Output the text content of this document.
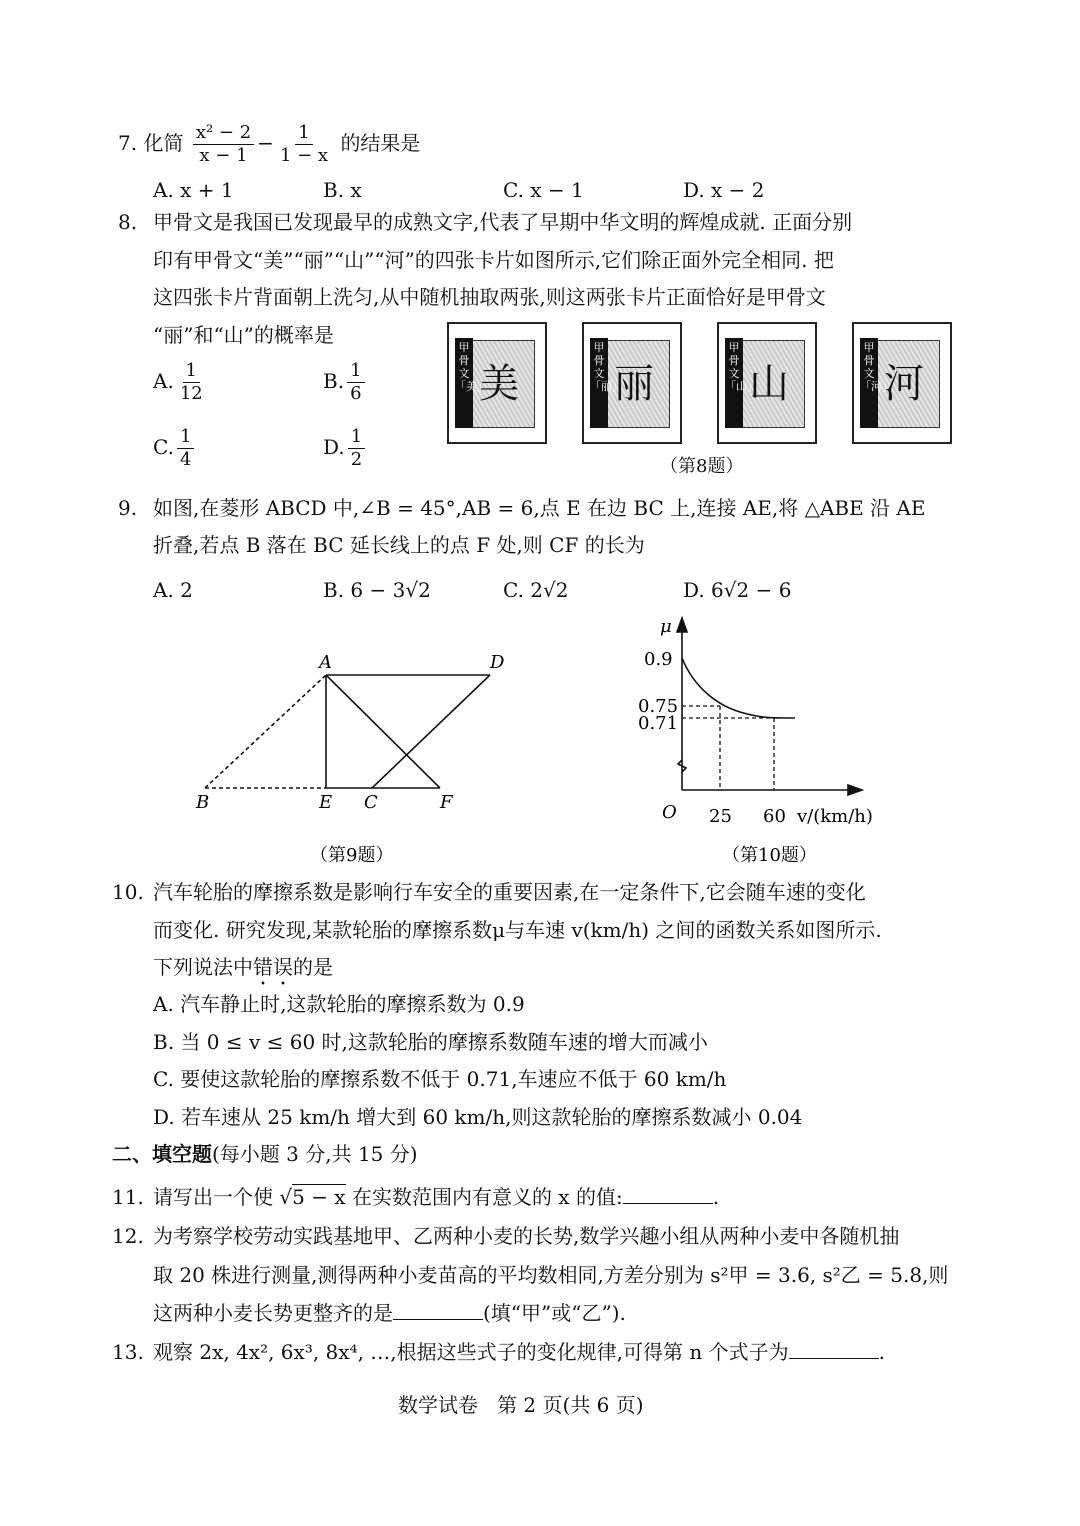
7. 化简 $\frac{\text{x² − 2}}{x - 1} - \frac{1}{1 - x}$ 的结果是
A. x + 1	B. x	C. x − 1	D. x − 2
8. 甲骨文是我国已发现最早的成熟文字,代表了早期中华文明的辉煌成就. 正面分别
印有甲骨文“美”“丽”“山”“河”的四张卡片如图所示,它们除正面外完全相同. 把
这四张卡片背面朝上洗匀,从中随机抽取两张,则这两张卡片正面恰好是甲骨文
“丽”和“山”的概率是
A. $\frac{1}{12}$	B. $\frac{1}{6}$
C. $\frac{1}{4}$	D. $\frac{1}{2}$
甲骨文「美」
美
甲骨文「丽」
丽
甲骨文「山」
山
甲骨文「河」
河
（第8题）
9. 如图,在菱形 ABCD 中,∠B = 45°,AB = 6,点 E 在边 BC 上,连接 AE,将 △ABE 沿 AE
折叠,若点 B 落在 BC 延长线上的点 F 处,则 CF 的长为
A. 2	B. 6 − 3√2	C. 2√2	D. 6√2 − 6
A	D
B	E C	F
（第9题）
μ
0.9
0.75
0.71
O 25 60 v/(km/h)
（第10题）
10. 汽车轮胎的摩擦系数是影响行车安全的重要因素,在一定条件下,它会随车速的变化
而变化. 研究发现,某款轮胎的摩擦系数μ与车速 v(km/h) 之间的函数关系如图所示.
下列说法中错误的是
A. 汽车静止时,这款轮胎的摩擦系数为 0.9
B. 当 0 ≤ v ≤ 60 时,这款轮胎的摩擦系数随车速的增大而减小
C. 要使这款轮胎的摩擦系数不低于 0.71,车速应不低于 60 km/h
D. 若车速从 25 km/h 增大到 60 km/h,则这款轮胎的摩擦系数减小 0.04
二、填空题(每小题 3 分,共 15 分)
11. 请写出一个使 √5 − x 在实数范围内有意义的 x 的值:	.
12. 为考察学校劳动实践基地甲、乙两种小麦的长势,数学兴趣小组从两种小麦中各随机抽
取 20 株进行测量,测得两种小麦苗高的平均数相同,方差分别为 s²甲 = 3.6, s²乙 = 5.8,则
这两种小麦长势更整齐的是	(填“甲”或“乙”).
13. 观察 2x, 4x², 6x³, 8x⁴, …,根据这些式子的变化规律,可得第 n 个式子为	.
数学试卷   第 2 页(共 6 页)
